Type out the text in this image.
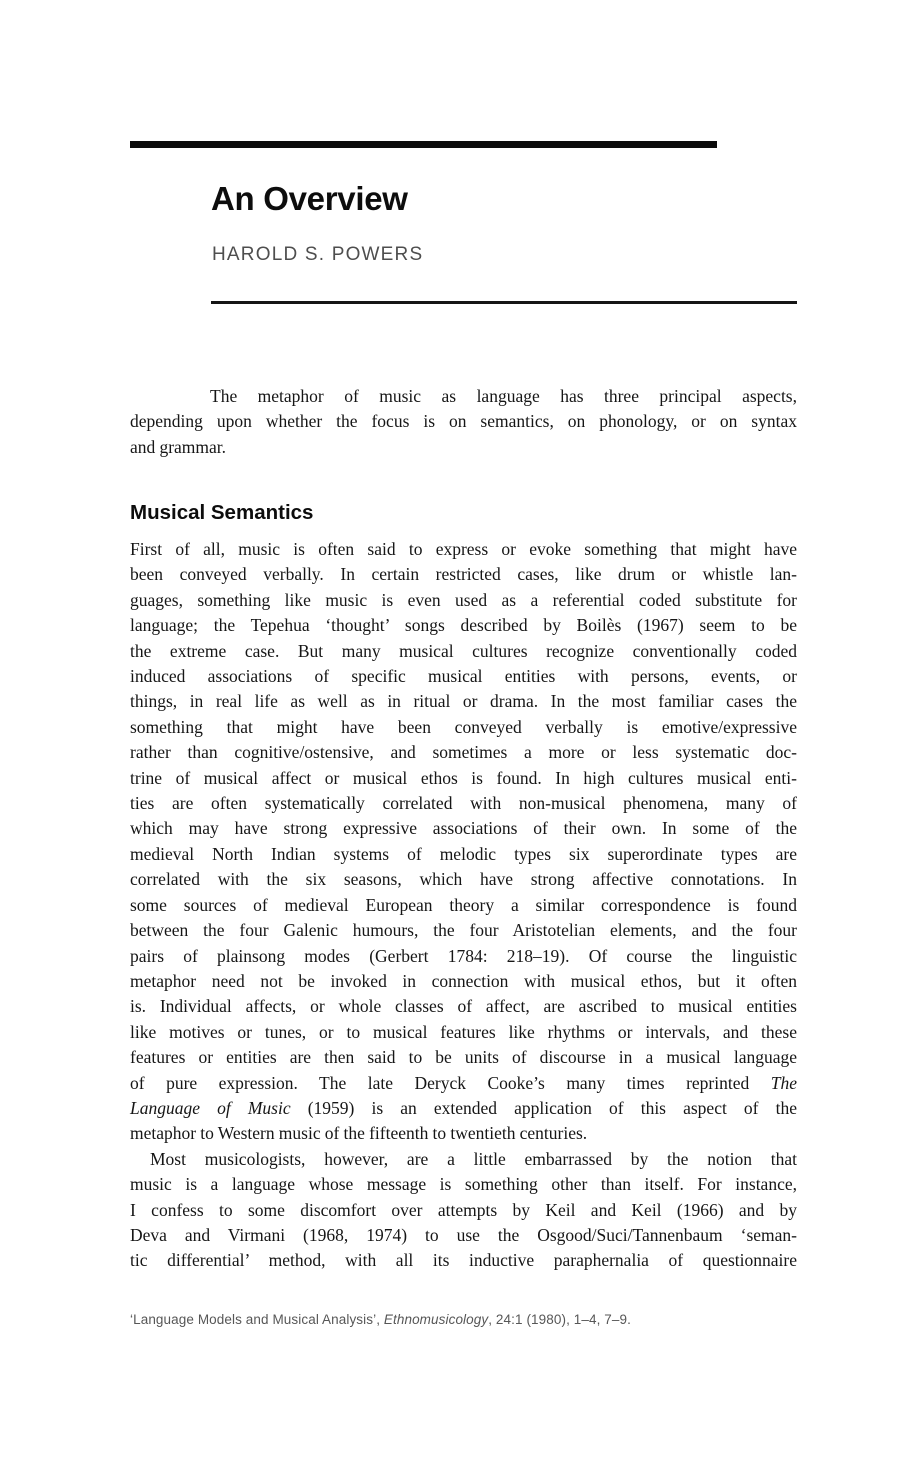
An Overview
HAROLD S. POWERS
The metaphor of music as language has three principal aspects,
depending upon whether the focus is on semantics, on phonology, or on syntax
and grammar.
Musical Semantics
First of all, music is often said to express or evoke something that might have
been conveyed verbally. In certain restricted cases, like drum or whistle lan-
guages, something like music is even used as a referential coded substitute for
language; the Tepehua ‘thought’ songs described by Boilès (1967) seem to be
the extreme case. But many musical cultures recognize conventionally coded
induced associations of specific musical entities with persons, events, or
things, in real life as well as in ritual or drama. In the most familiar cases the
something that might have been conveyed verbally is emotive/expressive
rather than cognitive/ostensive, and sometimes a more or less systematic doc-
trine of musical affect or musical ethos is found. In high cultures musical enti-
ties are often systematically correlated with non-musical phenomena, many of
which may have strong expressive associations of their own. In some of the
medieval North Indian systems of melodic types six superordinate types are
correlated with the six seasons, which have strong affective connotations. In
some sources of medieval European theory a similar correspondence is found
between the four Galenic humours, the four Aristotelian elements, and the four
pairs of plainsong modes (Gerbert 1784: 218–19). Of course the linguistic
metaphor need not be invoked in connection with musical ethos, but it often
is. Individual affects, or whole classes of affect, are ascribed to musical entities
like motives or tunes, or to musical features like rhythms or intervals, and these
features or entities are then said to be units of discourse in a musical language
of pure expression. The late Deryck Cooke’s many times reprinted The
Language of Music (1959) is an extended application of this aspect of the
metaphor to Western music of the fifteenth to twentieth centuries.
Most musicologists, however, are a little embarrassed by the notion that
music is a language whose message is something other than itself. For instance,
I confess to some discomfort over attempts by Keil and Keil (1966) and by
Deva and Virmani (1968, 1974) to use the Osgood/Suci/Tannenbaum ‘seman-
tic differential’ method, with all its inductive paraphernalia of questionnaire
‘Language Models and Musical Analysis’, Ethnomusicology, 24:1 (1980), 1–4, 7–9.
